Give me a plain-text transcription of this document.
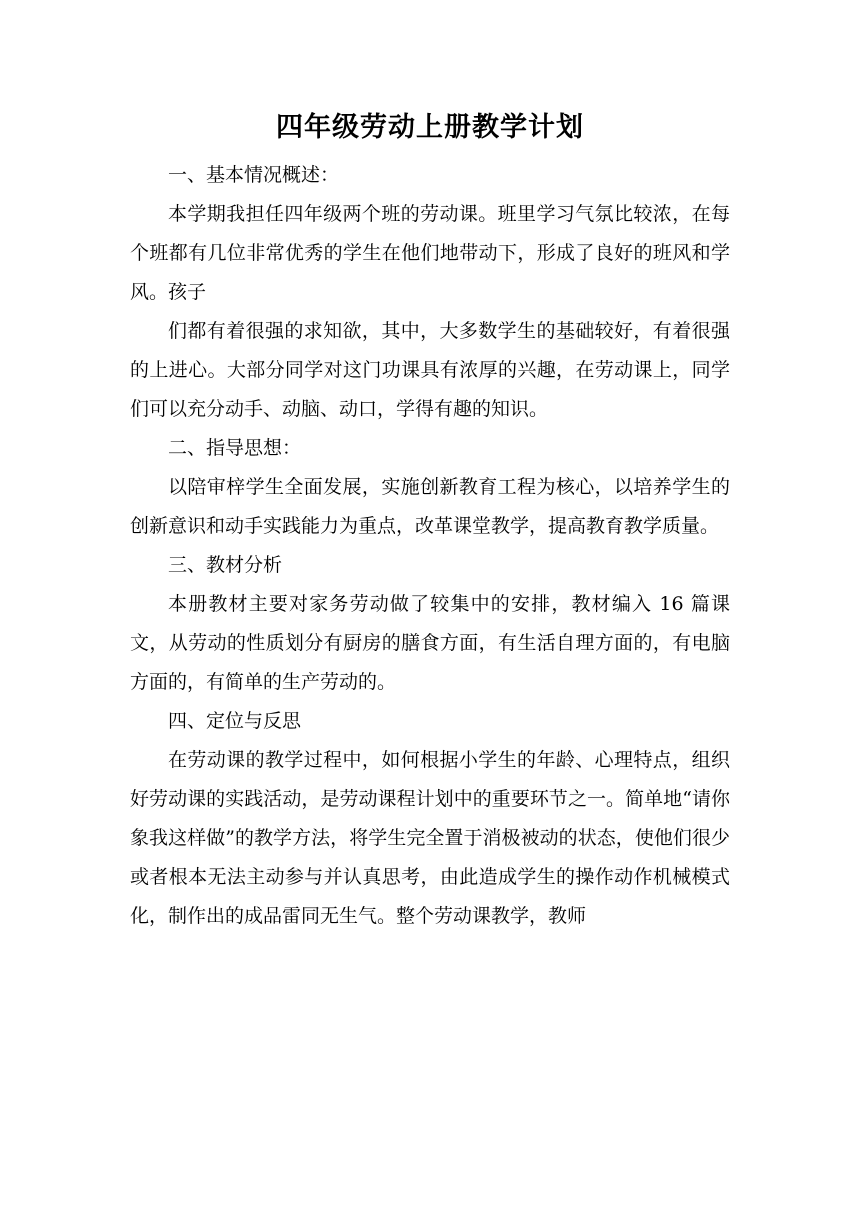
四年级劳动上册教学计划

一、基本情况概述：

本学期我担任四年级两个班的劳动课。班里学习气氛比较浓，在每个班都有几位非常优秀的学生在他们地带动下，形成了良好的班风和学风。孩子

们都有着很强的求知欲，其中，大多数学生的基础较好，有着很强的上进心。大部分同学对这门功课具有浓厚的兴趣，在劳动课上，同学们可以充分动手、动脑、动口，学得有趣的知识。

二、指导思想：

以陪审梓学生全面发展，实施创新教育工程为核心，以培养学生的创新意识和动手实践能力为重点，改革课堂教学，提高教育教学质量。

三、教材分析

本册教材主要对家务劳动做了较集中的安排，教材编入 16 篇课文，从劳动的性质划分有厨房的膳食方面，有生活自理方面的，有电脑方面的，有简单的生产劳动的。

四、定位与反思

在劳动课的教学过程中，如何根据小学生的年龄、心理特点，组织好劳动课的实践活动，是劳动课程计划中的重要环节之一。简单地“请你象我这样做”的教学方法，将学生完全置于消极被动的状态，使他们很少或者根本无法主动参与并认真思考，由此造成学生的操作动作机械模式化，制作出的成品雷同无生气。整个劳动课教学，教师
